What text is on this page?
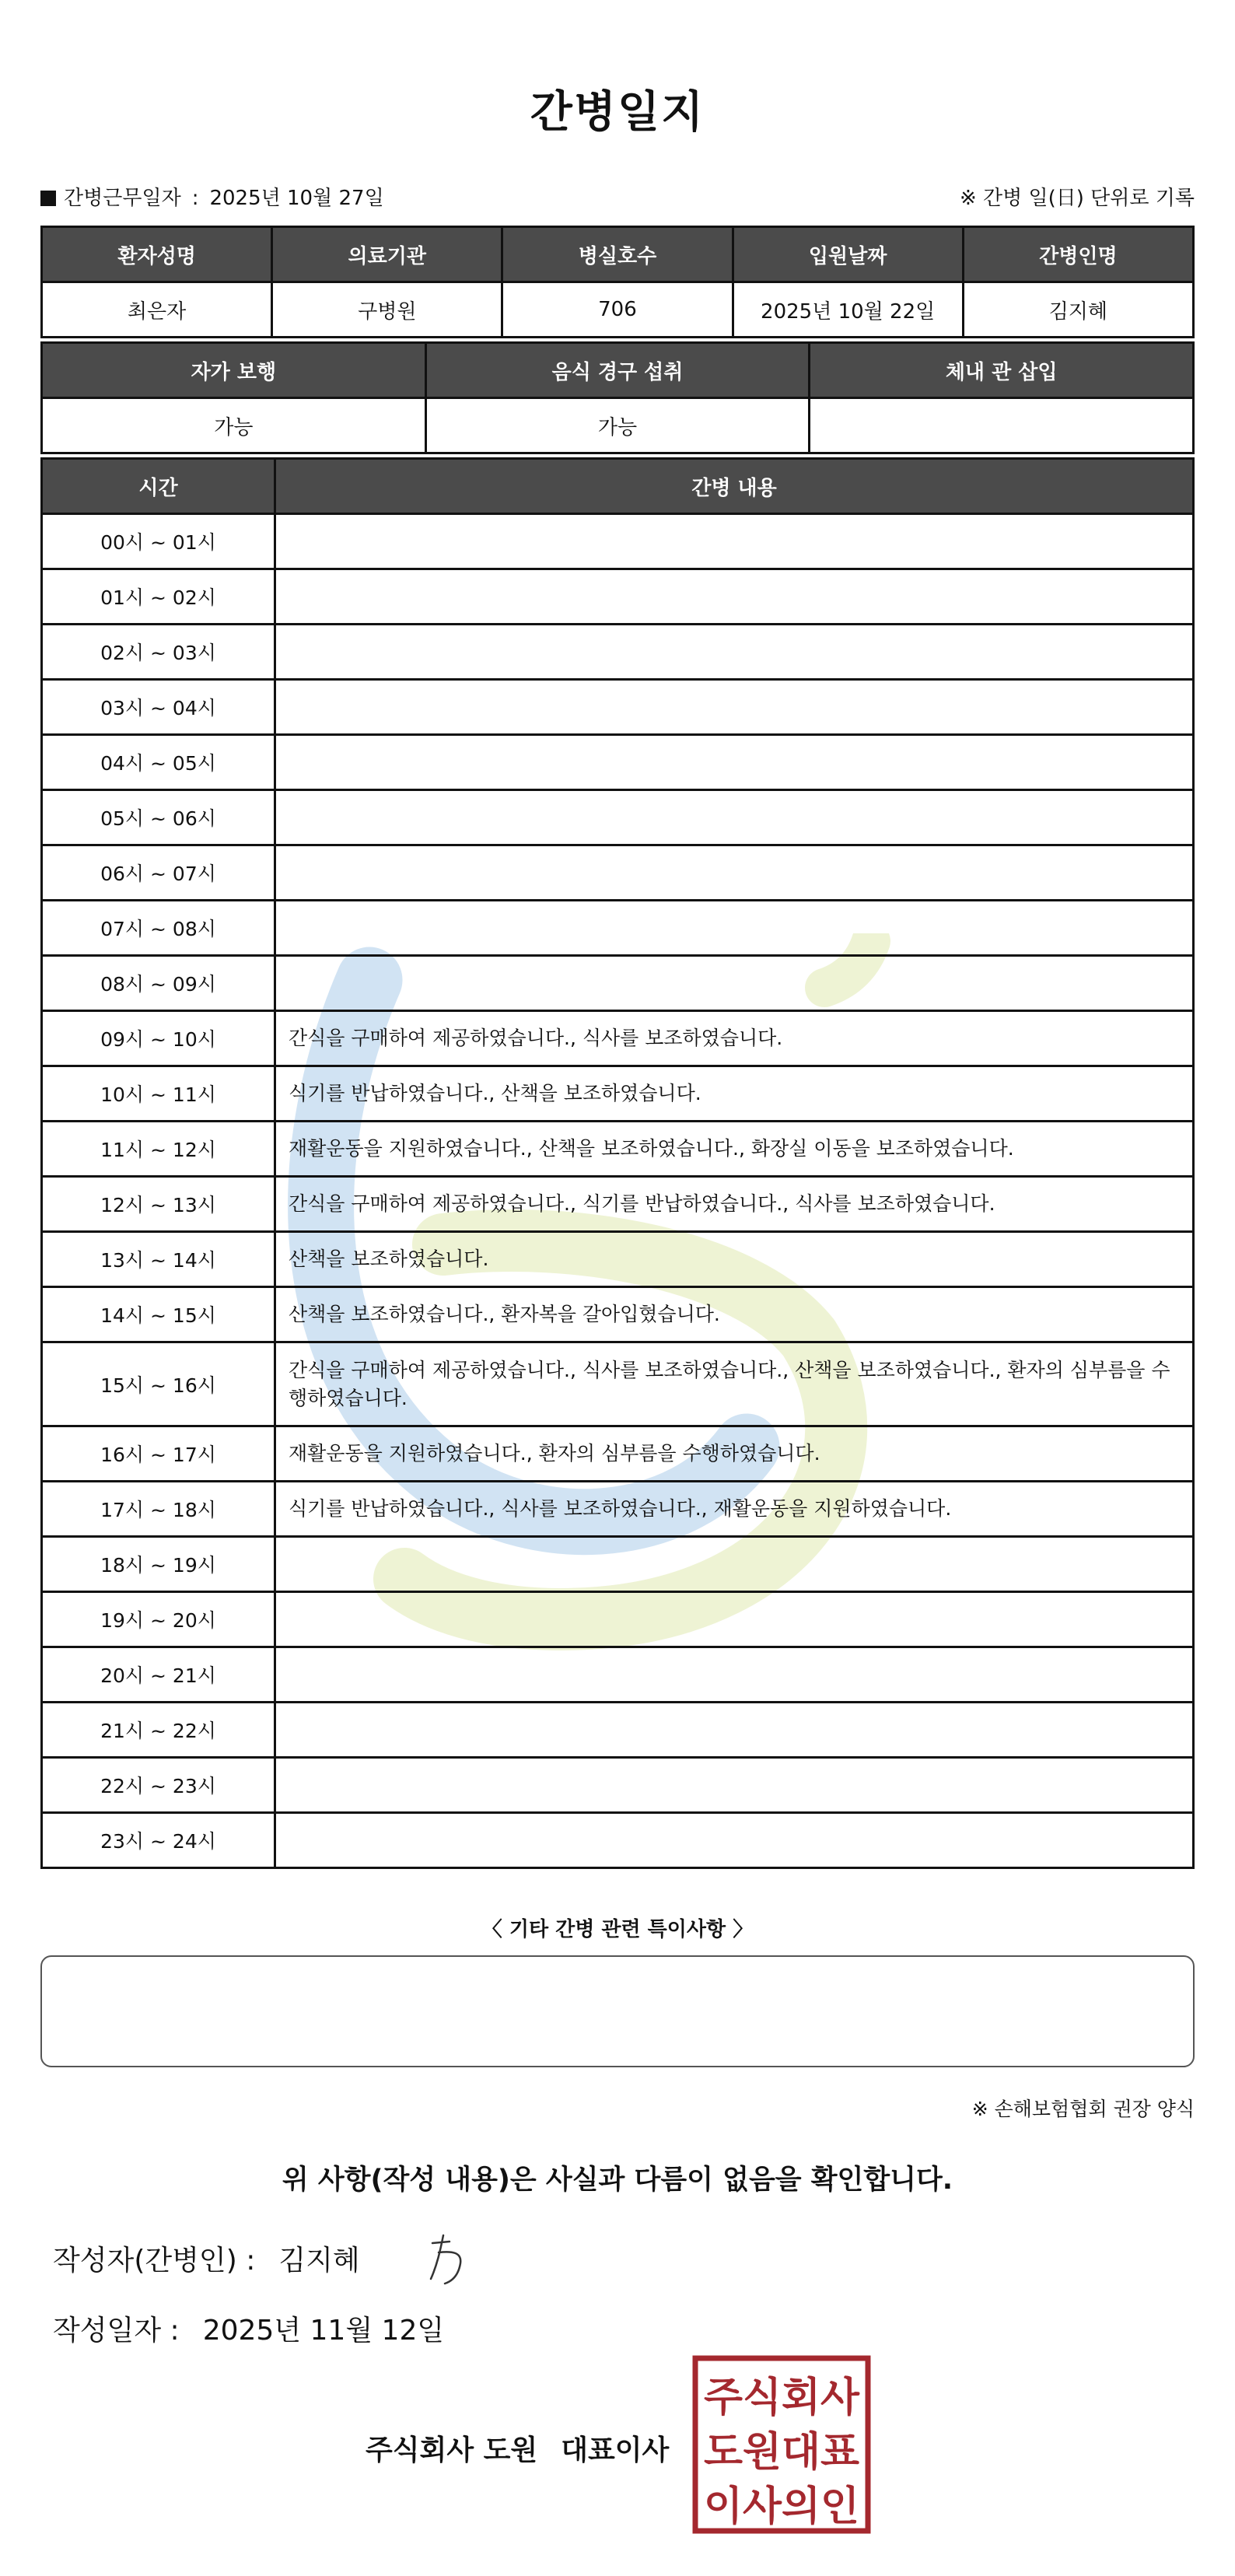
간병일지
간병근무일자 : 2025년 10월 27일	※ 간병 일(日) 단위로 기록
환자성명	의료기관	병실호수	입원날짜	간병인명
최은자	구병원	706	2025년 10월 22일	김지혜
자가 보행	음식 경구 섭취	체내 관 삽입
가능	가능	
시간	간병 내용
00시 ~ 01시	
01시 ~ 02시	
02시 ~ 03시	
03시 ~ 04시	
04시 ~ 05시	
05시 ~ 06시	
06시 ~ 07시	
07시 ~ 08시	
08시 ~ 09시	
09시 ~ 10시	간식을 구매하여 제공하였습니다., 식사를 보조하였습니다.
10시 ~ 11시	식기를 반납하였습니다., 산책을 보조하였습니다.
11시 ~ 12시	재활운동을 지원하였습니다., 산책을 보조하였습니다., 화장실 이동을 보조하였습니다.
12시 ~ 13시	간식을 구매하여 제공하였습니다., 식기를 반납하였습니다., 식사를 보조하였습니다.
13시 ~ 14시	산책을 보조하였습니다.
14시 ~ 15시	산책을 보조하였습니다., 환자복을 갈아입혔습니다.
15시 ~ 16시	간식을 구매하여 제공하였습니다., 식사를 보조하였습니다., 산책을 보조하였습니다., 환자의 심부름을 수행하였습니다.
16시 ~ 17시	재활운동을 지원하였습니다., 환자의 심부름을 수행하였습니다.
17시 ~ 18시	식기를 반납하였습니다., 식사를 보조하였습니다., 재활운동을 지원하였습니다.
18시 ~ 19시	
19시 ~ 20시	
20시 ~ 21시	
21시 ~ 22시	
22시 ~ 23시	
23시 ~ 24시	
〈 기타 간병 관련 특이사항 〉
※ 손해보험협회 권장 양식
위 사항(작성 내용)은 사실과 다름이 없음을 확인합니다.
작성자(간병인) : 김지혜
작성일자 : 2025년 11월 12일
주식회사 도원 대표이사
주식회사
도원대표
이사의인
